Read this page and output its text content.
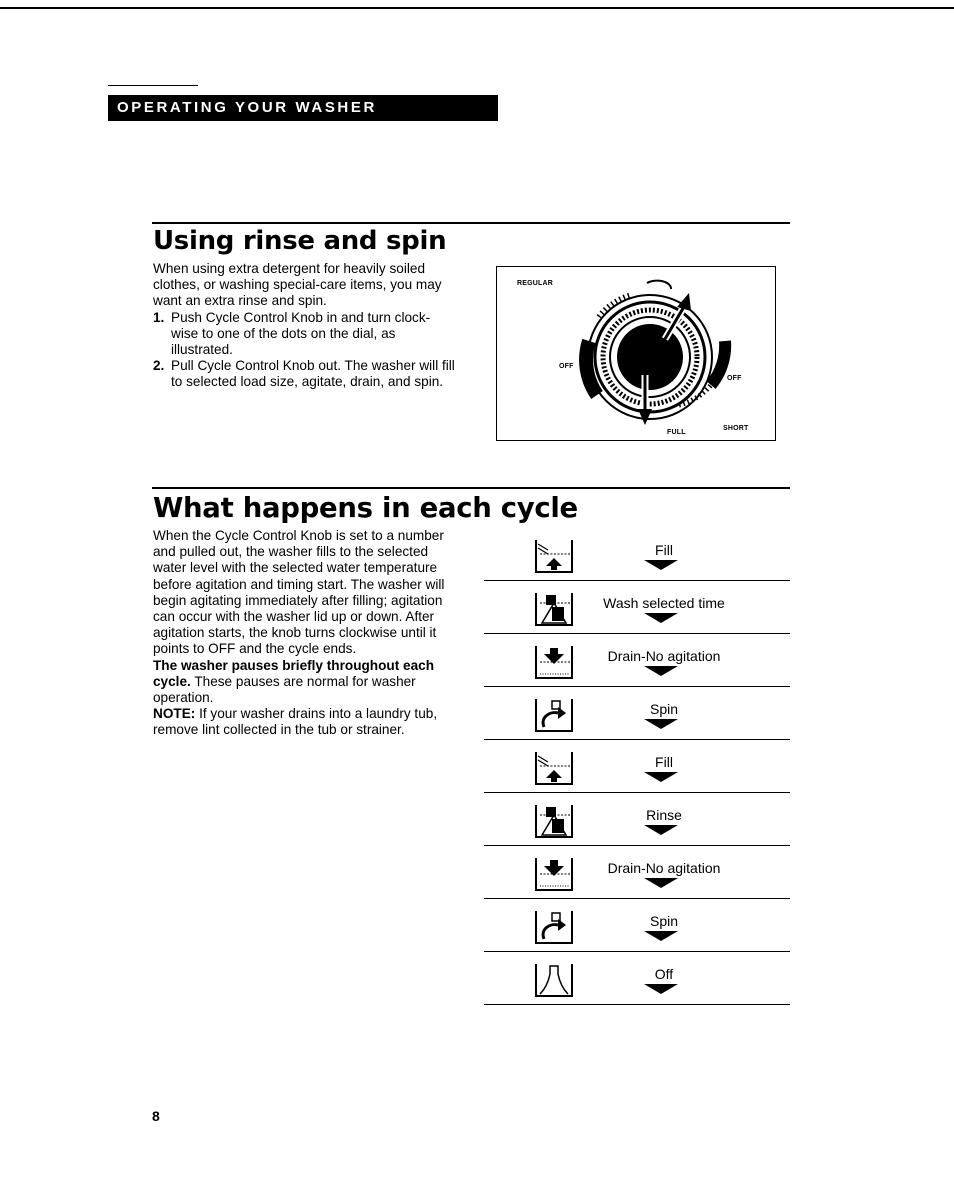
OPERATING YOUR WASHER
Using rinse and spin

When using extra detergent for heavily soiled clothes, or washing special-care items, you may want an extra rinse and spin.

1. Push Cycle Control Knob in and turn clock-wise to one of the dots on the dial, as illustrated.
2. Pull Cycle Control Knob out. The washer will fill to selected load size, agitate, drain, and spin.
REGULAR
OFF
OFF
FULL
SHORT
What happens in each cycle

When the Cycle Control Knob is set to a number and pulled out, the washer fills to the selected water level with the selected water temperature before agitation and timing start. The washer will begin agitating immediately after filling; agitation can occur with the washer lid up or down. After agitation starts, the knob turns clockwise until it points to OFF and the cycle ends.

The washer pauses briefly throughout each cycle. These pauses are normal for washer operation.

NOTE: If your washer drains into a laundry tub, remove lint collected in the tub or strainer.

Fill
Wash selected time
Drain-No agitation
Spin
Fill
Rinse
Drain-No agitation
Spin
Off
8
